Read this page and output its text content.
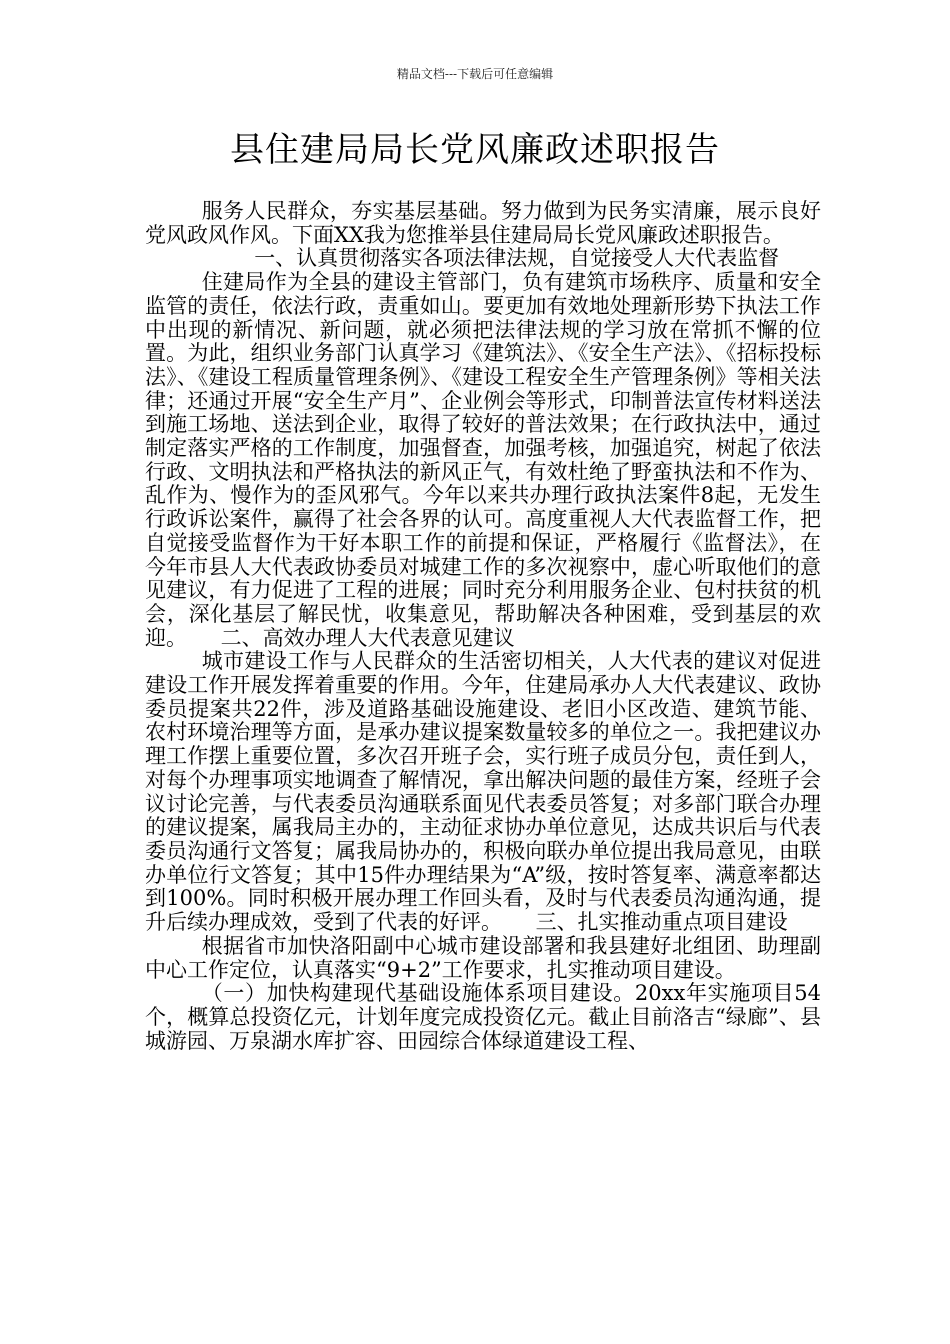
精品文档---下载后可任意编辑
县住建局局长党风廉政述职报告

服务人民群众，夯实基层基础。努力做到为民务实清廉，展示良好党风政风作风。下面XX我为您推举县住建局局长党风廉政述职报告。

一、认真贯彻落实各项法律法规，自觉接受人大代表监督

住建局作为全县的建设主管部门，负有建筑市场秩序、质量和安全监管的责任，依法行政，责重如山。要更加有效地处理新形势下执法工作中出现的新情况、新问题，就必须把法律法规的学习放在常抓不懈的位置。为此，组织业务部门认真学习《建筑法》、《安全生产法》、《招标投标法》、《建设工程质量管理条例》、《建设工程安全生产管理条例》等相关法律；还通过开展“安全生产月”、企业例会等形式，印制普法宣传材料送法到施工场地、送法到企业，取得了较好的普法效果；在行政执法中，通过制定落实严格的工作制度，加强督查，加强考核，加强追究，树起了依法行政、文明执法和严格执法的新风正气，有效杜绝了野蛮执法和不作为、乱作为、慢作为的歪风邪气。今年以来共办理行政执法案件8起，无发生行政诉讼案件，赢得了社会各界的认可。高度重视人大代表监督工作，把自觉接受监督作为干好本职工作的前提和保证，严格履行《监督法》，在今年市县人大代表政协委员对城建工作的多次视察中，虚心听取他们的意见建议，有力促进了工程的进展；同时充分利用服务企业、包村扶贫的机会，深化基层了解民忧，收集意见，帮助解决各种困难，受到基层的欢迎。 二、高效办理人大代表意见建议

城市建设工作与人民群众的生活密切相关，人大代表的建议对促进建设工作开展发挥着重要的作用。今年，住建局承办人大代表建议、政协委员提案共22件，涉及道路基础设施建设、老旧小区改造、建筑节能、农村环境治理等方面，是承办建议提案数量较多的单位之一。我把建议办理工作摆上重要位置，多次召开班子会，实行班子成员分包，责任到人，对每个办理事项实地调查了解情况，拿出解决问题的最佳方案，经班子会议讨论完善，与代表委员沟通联系面见代表委员答复；对多部门联合办理的建议提案，属我局主办的，主动征求协办单位意见，达成共识后与代表委员沟通行文答复；属我局协办的，积极向联办单位提出我局意见，由联办单位行文答复；其中15件办理结果为“A”级，按时答复率、满意率都达到100%。同时积极开展办理工作回头看，及时与代表委员沟通沟通，提升后续办理成效，受到了代表的好评。 三、扎实推动重点项目建设

根据省市加快洛阳副中心城市建设部署和我县建好北组团、助理副中心工作定位，认真落实“9+2”工作要求，扎实推动项目建设。

（一）加快构建现代基础设施体系项目建设。20xx年实施项目54个，概算总投资亿元，计划年度完成投资亿元。截止目前洛吉“绿廊”、县城游园、万泉湖水库扩容、田园综合体绿道建设工程、
